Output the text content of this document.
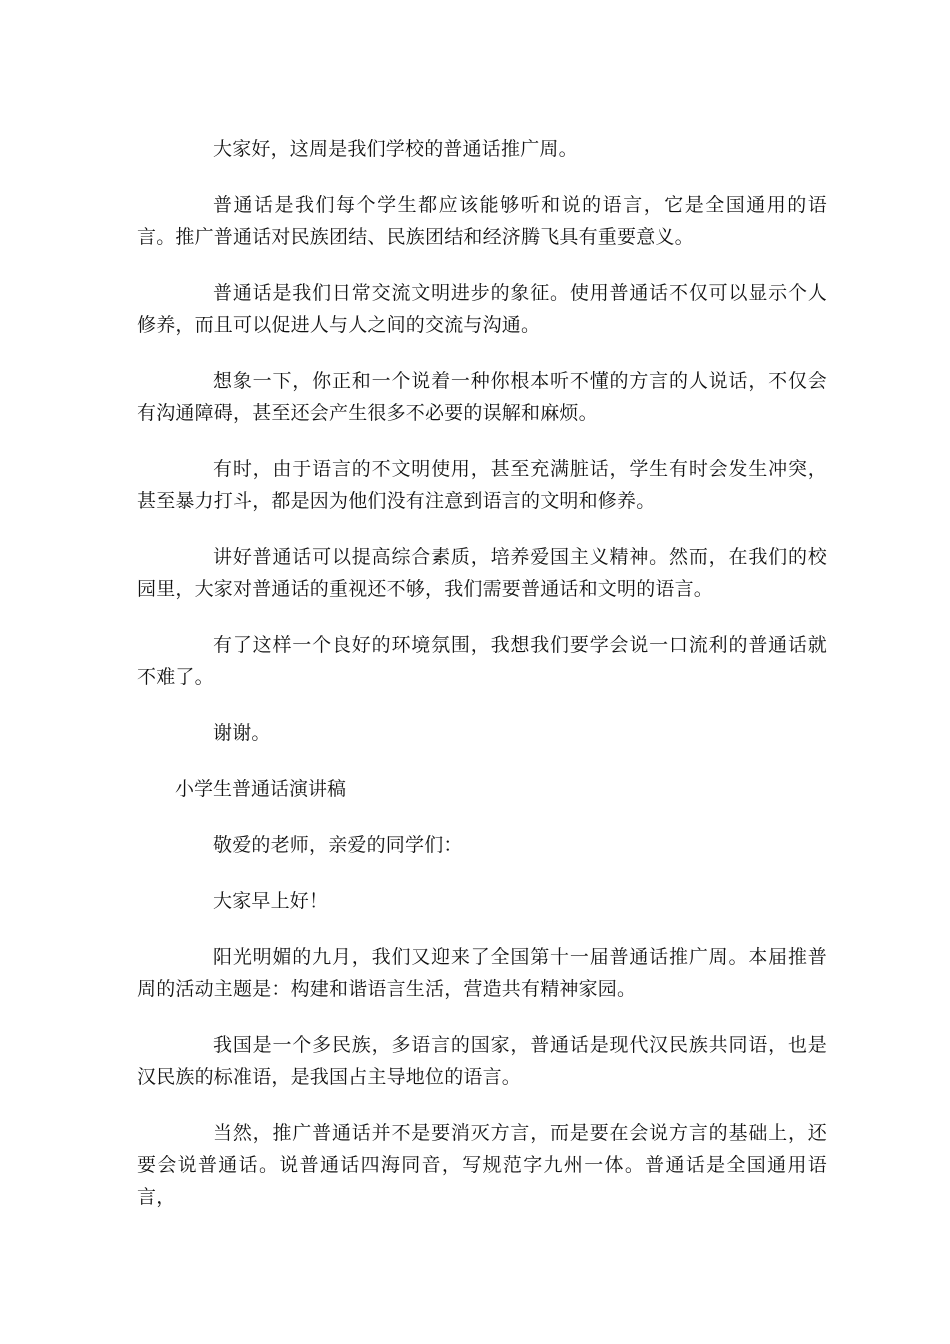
大家好，这周是我们学校的普通话推广周。

普通话是我们每个学生都应该能够听和说的语言，它是全国通用的语言。推广普通话对民族团结、民族团结和经济腾飞具有重要意义。

普通话是我们日常交流文明进步的象征。使用普通话不仅可以显示个人修养，而且可以促进人与人之间的交流与沟通。

想象一下，你正和一个说着一种你根本听不懂的方言的人说话，不仅会有沟通障碍，甚至还会产生很多不必要的误解和麻烦。

有时，由于语言的不文明使用，甚至充满脏话，学生有时会发生冲突，甚至暴力打斗，都是因为他们没有注意到语言的文明和修养。

讲好普通话可以提高综合素质，培养爱国主义精神。然而，在我们的校园里，大家对普通话的重视还不够，我们需要普通话和文明的语言。

有了这样一个良好的环境氛围，我想我们要学会说一口流利的普通话就不难了。

谢谢。

小学生普通话演讲稿

敬爱的老师，亲爱的同学们：

大家早上好！

阳光明媚的九月，我们又迎来了全国第十一届普通话推广周。本届推普周的活动主题是：构建和谐语言生活，营造共有精神家园。

我国是一个多民族，多语言的国家，普通话是现代汉民族共同语，也是汉民族的标准语，是我国占主导地位的语言。

当然，推广普通话并不是要消灭方言，而是要在会说方言的基础上，还要会说普通话。说普通话四海同音，写规范字九州一体。普通话是全国通用语言，
